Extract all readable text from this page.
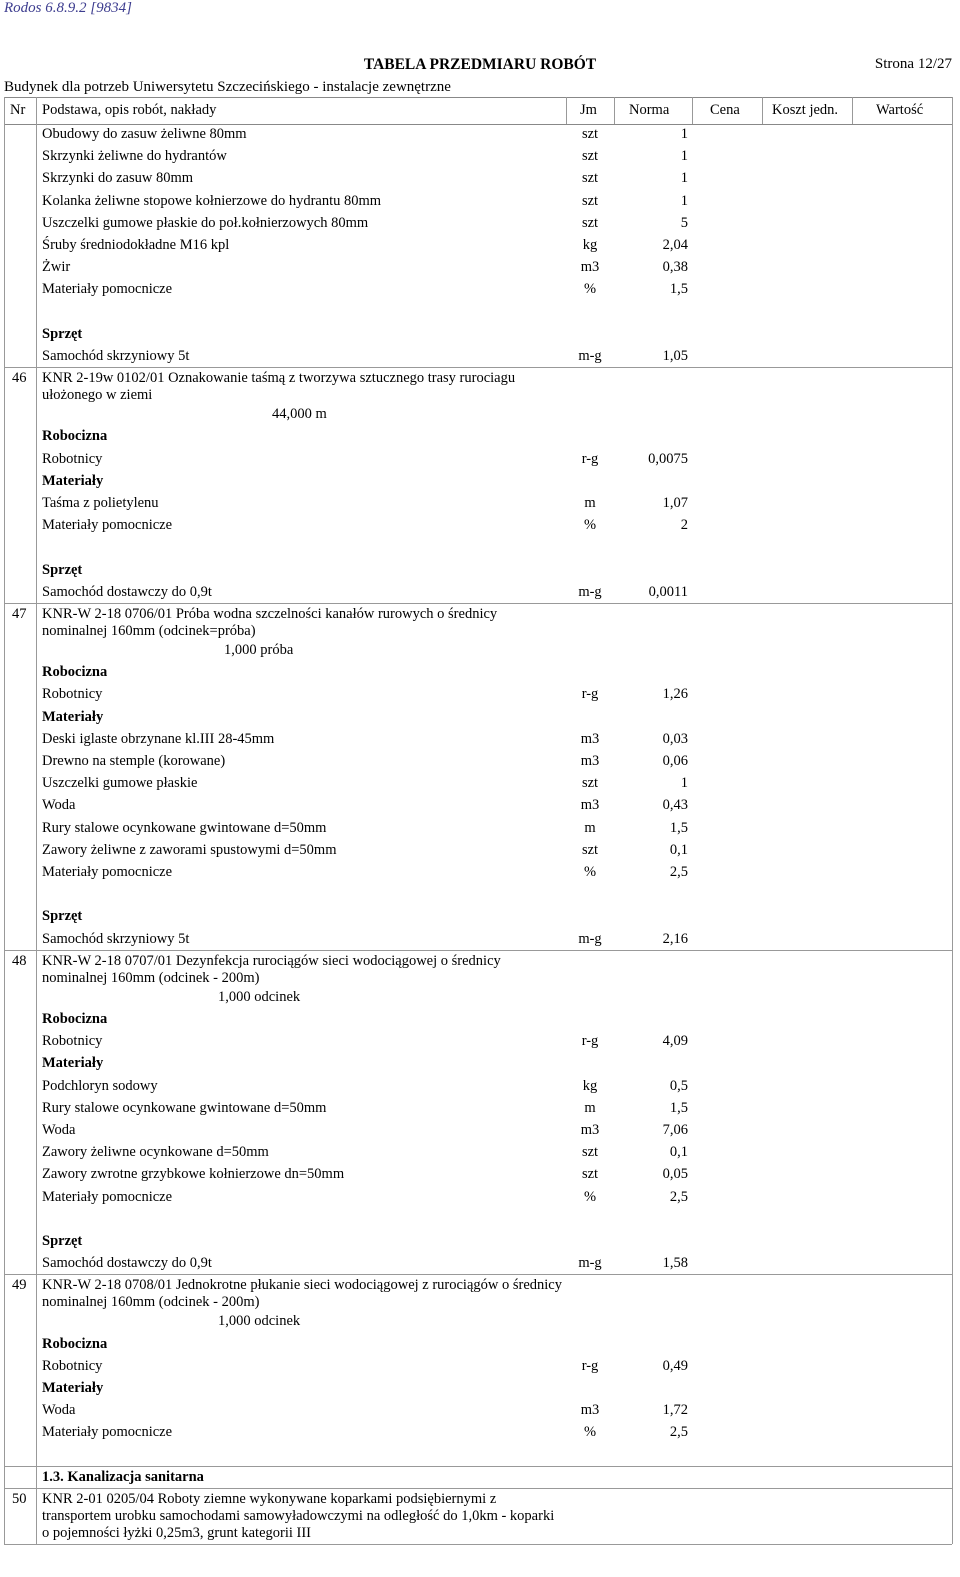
Rodos 6.8.9.2 [9834]
TABELA PRZEDMIARU ROBÓT	Strona 12/27
Budynek dla potrzeb Uniwersytetu Szczecińskiego - instalacje zewnętrzne
Nr Podstawa, opis robót, nakłady	Jm Norma	Cena Koszt jedn.	Wartość
Obudowy do zasuw żeliwne 80mm	szt	1
Skrzynki żeliwne do hydrantów	szt	1
Skrzynki do zasuw 80mm	szt	1
Kolanka żeliwne stopowe kołnierzowe do hydrantu 80mm	szt	1
Uszczelki gumowe płaskie do poł.kołnierzowych 80mm	szt	5
Śruby średniodokładne M16 kpl	kg	2,04
Żwir	m3	0,38
Materiały pomocnicze	%	1,5
Sprzęt
Samochód skrzyniowy 5t	m-g	1,05
46 KNR 2-19w 0102/01 Oznakowanie taśmą z tworzywa sztucznego trasy rurociagu ułożonego w ziemi
44,000 m
Robocizna
Robotnicy	r-g	0,0075
Materiały
Taśma z polietylenu	m	1,07
Materiały pomocnicze	%	2
Sprzęt
Samochód dostawczy do 0,9t	m-g	0,0011
47 KNR-W 2-18 0706/01 Próba wodna szczelności kanałów rurowych o średnicy nominalnej 160mm (odcinek=próba)
1,000 próba
Robocizna
Robotnicy	r-g	1,26
Materiały
Deski iglaste obrzynane kl.III 28-45mm	m3	0,03
Drewno na stemple (korowane)	m3	0,06
Uszczelki gumowe płaskie	szt	1
Woda	m3	0,43
Rury stalowe ocynkowane gwintowane d=50mm	m	1,5
Zawory żeliwne z zaworami spustowymi d=50mm	szt	0,1
Materiały pomocnicze	%	2,5
Sprzęt
Samochód skrzyniowy 5t	m-g	2,16
48 KNR-W 2-18 0707/01 Dezynfekcja rurociągów sieci wodociągowej o średnicy nominalnej 160mm (odcinek - 200m)
1,000 odcinek
Robocizna
Robotnicy	r-g	4,09
Materiały
Podchloryn sodowy	kg	0,5
Rury stalowe ocynkowane gwintowane d=50mm	m	1,5
Woda	m3	7,06
Zawory żeliwne ocynkowane d=50mm	szt	0,1
Zawory zwrotne grzybkowe kołnierzowe dn=50mm	szt	0,05
Materiały pomocnicze	%	2,5
Sprzęt
Samochód dostawczy do 0,9t	m-g	1,58
49 KNR-W 2-18 0708/01 Jednokrotne płukanie sieci wodociągowej z rurociągów o średnicy nominalnej 160mm (odcinek - 200m)
1,000 odcinek
Robocizna
Robotnicy	r-g	0,49
Materiały
Woda	m3	1,72
Materiały pomocnicze	%	2,5
1.3. Kanalizacja sanitarna
50 KNR 2-01 0205/04 Roboty ziemne wykonywane koparkami podsiębiernymi z transportem urobku samochodami samowyładowczymi na odległość do 1,0km - koparki o pojemności łyżki 0,25m3, grunt kategorii III
